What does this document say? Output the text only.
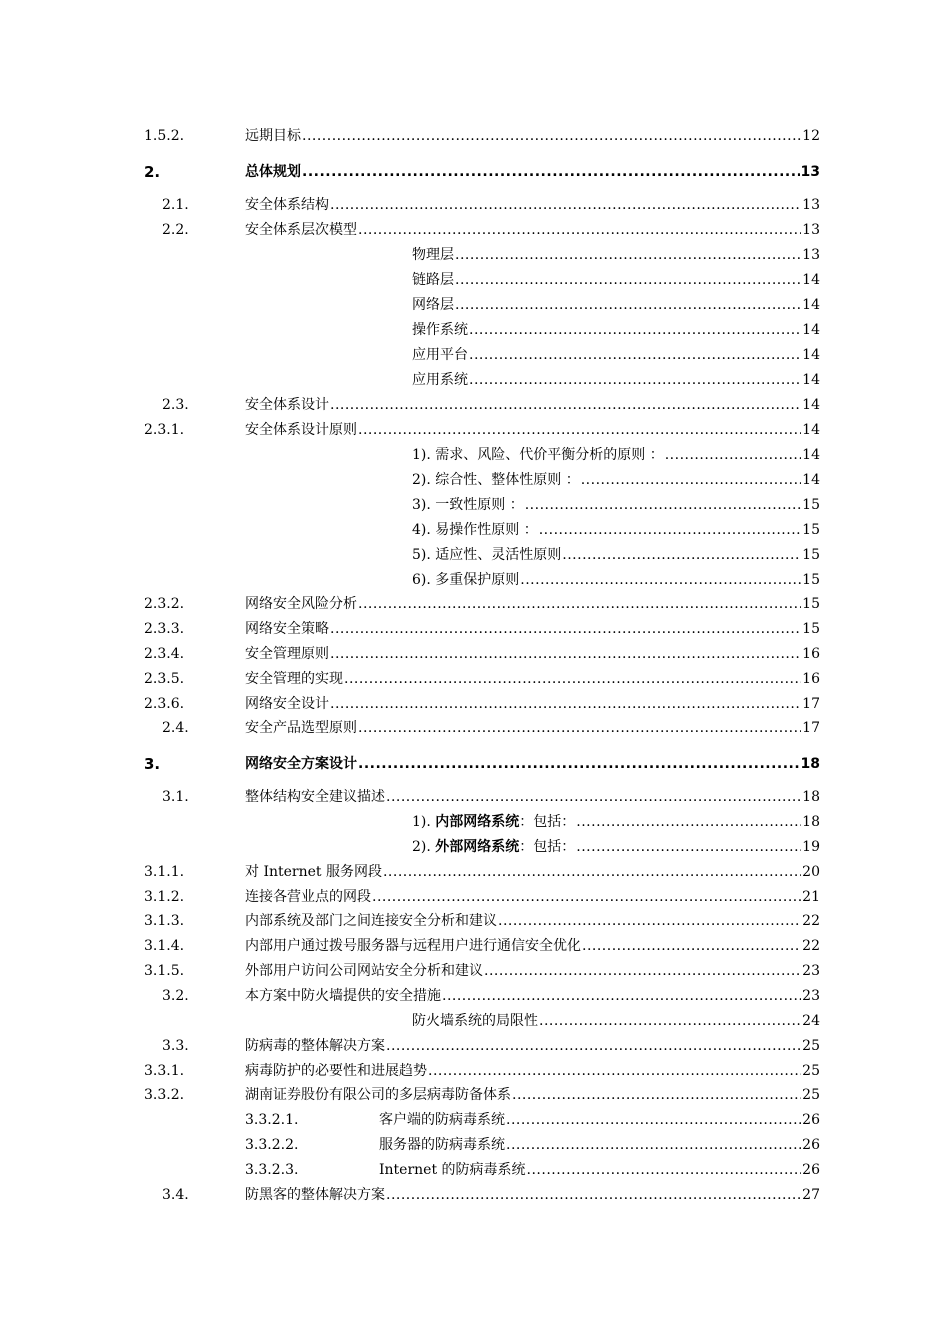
1.5.2.	远期目标 .....	12
2.	总体规划 .....	13
2.1.	安全体系结构 .....	13
2.2.	安全体系层次模型 .....	13
物理层 .....	13
链路层 .....	14
网络层 .....	14
操作系统 .....	14
应用平台 .....	14
应用系统 .....	14
2.3.	安全体系设计 .....	14
2.3.1.	安全体系设计原则 .....	14
1). 需求、风险、代价平衡分析的原则 ： .....	14
2). 综合性、整体性原则 ： .....	14
3). 一致性原则 ： .....	15
4). 易操作性原则 ： .....	15
5). 适应性、灵活性原则 .....	15
6). 多重保护原则 .....	15
2.3.2.	网络安全风险分析 .....	15
2.3.3.	网络安全策略 .....	15
2.3.4.	安全管理原则 .....	16
2.3.5.	安全管理的实现 .....	16
2.3.6.	网络安全设计 .....	17
2.4.	安全产品选型原则 .....	17
3.	网络安全方案设计 .....	18
3.1.	整体结构安全建议描述 .....	18
1). 内部网络系统：包括： .....	18
2). 外部网络系统：包括： .....	19
3.1.1.	对 Internet 服务网段 .....	20
3.1.2.	连接各营业点的网段 .....	21
3.1.3.	内部系统及部门之间连接安全分析和建议 .....	22
3.1.4.	内部用户通过拨号服务器与远程用户进行通信安全优化 .....	22
3.1.5.	外部用户访问公司网站安全分析和建议 .....	23
3.2.	本方案中防火墙提供的安全措施 .....	23
防火墙系统的局限性 .....	24
3.3.	防病毒的整体解决方案 .....	25
3.3.1.	病毒防护的必要性和进展趋势 .....	25
3.3.2.	湖南证券股份有限公司的多层病毒防备体系 .....	25
3.3.2.1.	客户端的防病毒系统 .....	26
3.3.2.2.	服务器的防病毒系统 .....	26
3.3.2.3.	Internet 的防病毒系统 .....	26
3.4.	防黑客的整体解决方案 .....	27
